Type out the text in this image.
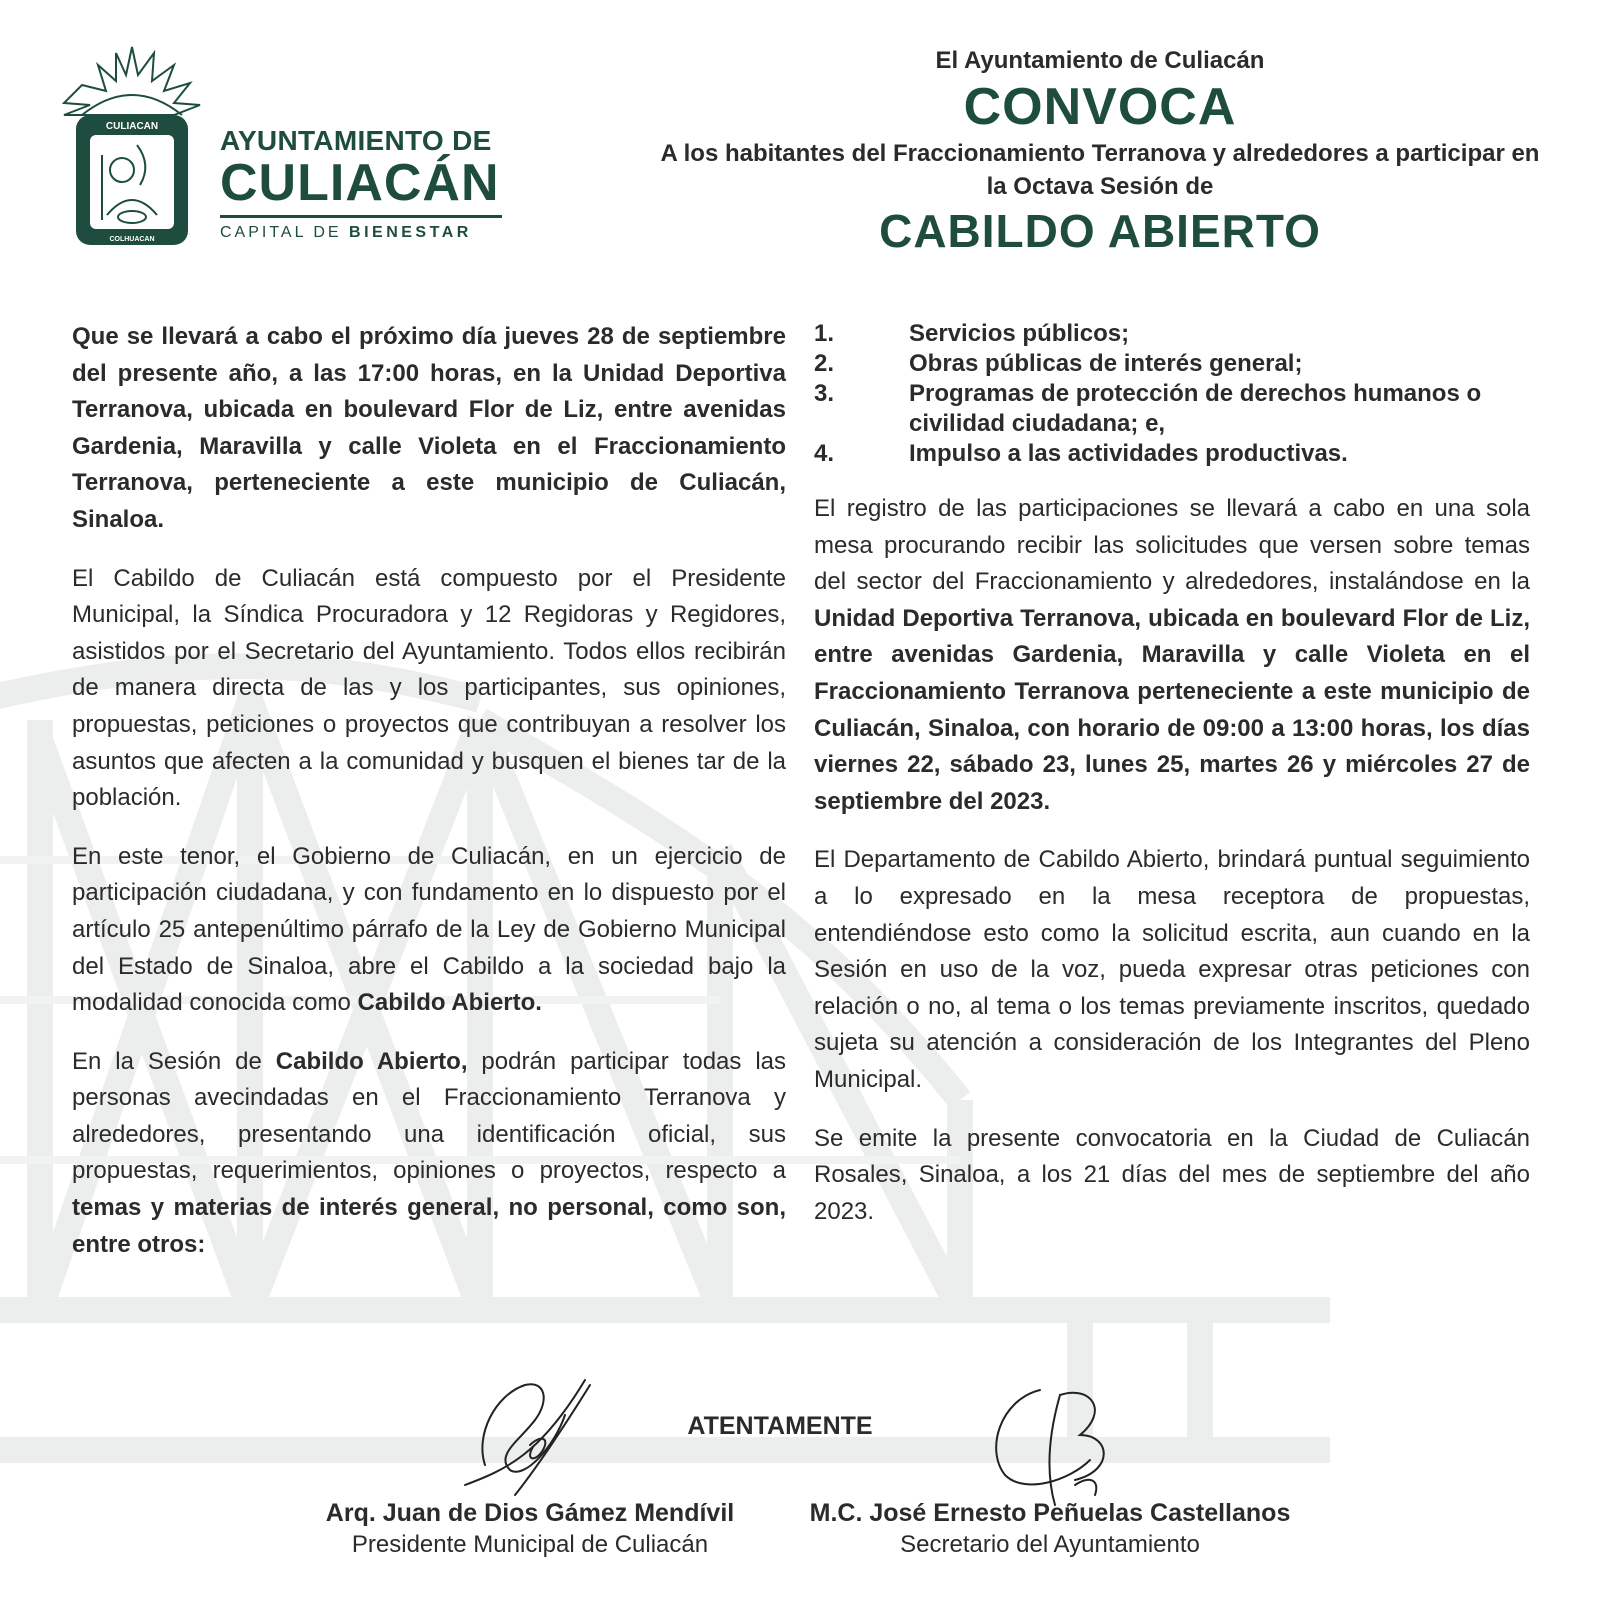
CULIACAN
COLHUACAN
AYUNTAMIENTO DE
CULIACÁN
CAPITAL DE BIENESTAR
El Ayuntamiento de Culiacán
CONVOCA
A los habitantes del Fraccionamiento Terranova y alrededores a participar en la Octava Sesión de
CABILDO ABIERTO

Que se llevará a cabo el próximo día jueves 28 de septiembre del presente año, a las 17:00 horas, en la Unidad Deportiva Terranova, ubicada en boulevard Flor de Liz, entre avenidas Gardenia, Maravilla y calle Violeta en el Fraccionamiento Terranova, perteneciente a este municipio de Culiacán, Sinaloa.

El Cabildo de Culiacán está compuesto por el Presidente Municipal, la Síndica Procuradora y 12 Regidoras y Regidores, asistidos por el Secretario del Ayuntamiento. Todos ellos recibirán de manera directa de las y los participantes, sus opiniones, propuestas, peticiones o proyectos que contribuyan a resolver los asuntos que afecten a la comunidad y busquen el bienes tar de la población.

En este tenor, el Gobierno de Culiacán, en un ejercicio de participación ciudadana, y con fundamento en lo dispuesto por el artículo 25 antepenúltimo párrafo de la Ley de Gobierno Municipal del Estado de Sinaloa, abre el Cabildo a la sociedad bajo la modalidad conocida como Cabildo Abierto.

En la Sesión de Cabildo Abierto, podrán participar todas las personas avecindadas en el Fraccionamiento Terranova y alrededores, presentando una identificación oficial, sus propuestas, requerimientos, opiniones o proyectos, respecto a temas y materias de interés general, no personal, como son, entre otros:

1.	Servicios públicos;
2.	Obras públicas de interés general;
3.	Programas de protección de derechos humanos o civilidad ciudadana; e,
4.	Impulso a las actividades productivas.

El registro de las participaciones se llevará a cabo en una sola mesa procurando recibir las solicitudes que versen sobre temas del sector del Fraccionamiento y alrededores, instalándose en la Unidad Deportiva Terranova, ubicada en boulevard Flor de Liz, entre avenidas Gardenia, Maravilla y calle Violeta en el Fraccionamiento Terranova perteneciente a este municipio de Culiacán, Sinaloa, con horario de 09:00 a 13:00 horas, los días viernes 22, sábado 23, lunes 25, martes 26 y miércoles 27 de septiembre del 2023.

El Departamento de Cabildo Abierto, brindará puntual seguimiento a lo expresado en la mesa receptora de propuestas, entendiéndose esto como la solicitud escrita, aun cuando en la Sesión en uso de la voz, pueda expresar otras peticiones con relación o no, al tema o los temas previamente inscritos, quedado sujeta su atención a consideración de los Integrantes del Pleno Municipal.

Se emite la presente convocatoria en la Ciudad de Culiacán Rosales, Sinaloa, a los 21 días del mes de septiembre del año 2023.

ATENTAMENTE
Arq. Juan de Dios Gámez Mendívil
Presidente Municipal de Culiacán
M.C. José Ernesto Peñuelas Castellanos
Secretario del Ayuntamiento
